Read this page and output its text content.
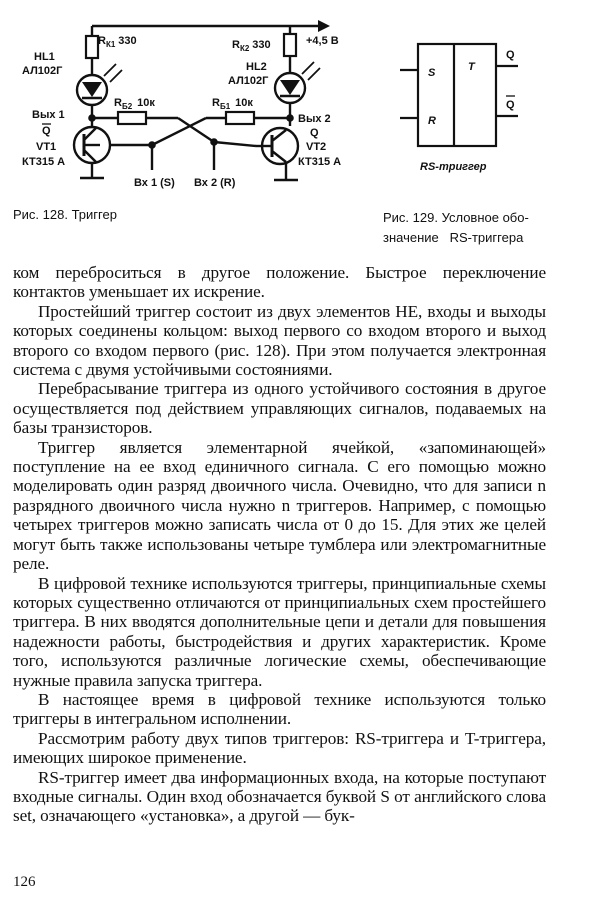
HL1
АЛ102Г
$R_{К1}$ 330	$R_{К2}$ 330	+4,5 В
HL2
АЛ102Г
$R_{Б2}$ 10к	$R_{Б1}$ 10к
Вых 1
Q
VT1
КТ315 А
Вых 2
Q
VT2
КТ315 А
Вх 1 (S) Вх 2 (R)
S	T
R
Q
Q
RS-триггер
Рис. 128. Триггер	Рис. 129. Условное обо-
значение   RS-триггера

ком переброситься в другое положение. Быстрое переключение контактов уменьшает их искрение.

Простейший триггер состоит из двух элементов НЕ, входы и выходы которых соединены кольцом: выход первого со входом второго и выход второго со входом первого (рис. 128). При этом получается электронная система с двумя устойчивыми состояниями.

Перебрасывание триггера из одного устойчивого состояния в другое осуществляется под действием управляющих сигналов, подаваемых на базы транзисторов.

Триггер является элементарной ячейкой, «запоминающей» поступление на ее вход единичного сигнала. С его помощью можно моделировать один разряд двоичного числа. Очевидно, что для записи n разрядного двоичного числа нужно n триггеров. Например, с помощью четырех триггеров можно записать числа от 0 до 15. Для этих же целей могут быть также использованы четыре тумблера или электромагнитные реле.

В цифровой технике используются триггеры, принципиальные схемы которых существенно отличаются от принципиальных схем простейшего триггера. В них вводятся дополнительные цепи и детали для повышения надежности работы, быстродействия и других характеристик. Кроме того, используются различные логические схемы, обеспечивающие нужные правила запуска триггера.

В настоящее время в цифровой технике используются только триггеры в интегральном исполнении.

Рассмотрим работу двух типов триггеров: RS-триггера и T-триггера, имеющих широкое применение.

RS-триггер имеет два информационных входа, на которые поступают входные сигналы. Один вход обозначается буквой S от английского слова set, означающего «установка», а другой — бук-

126
